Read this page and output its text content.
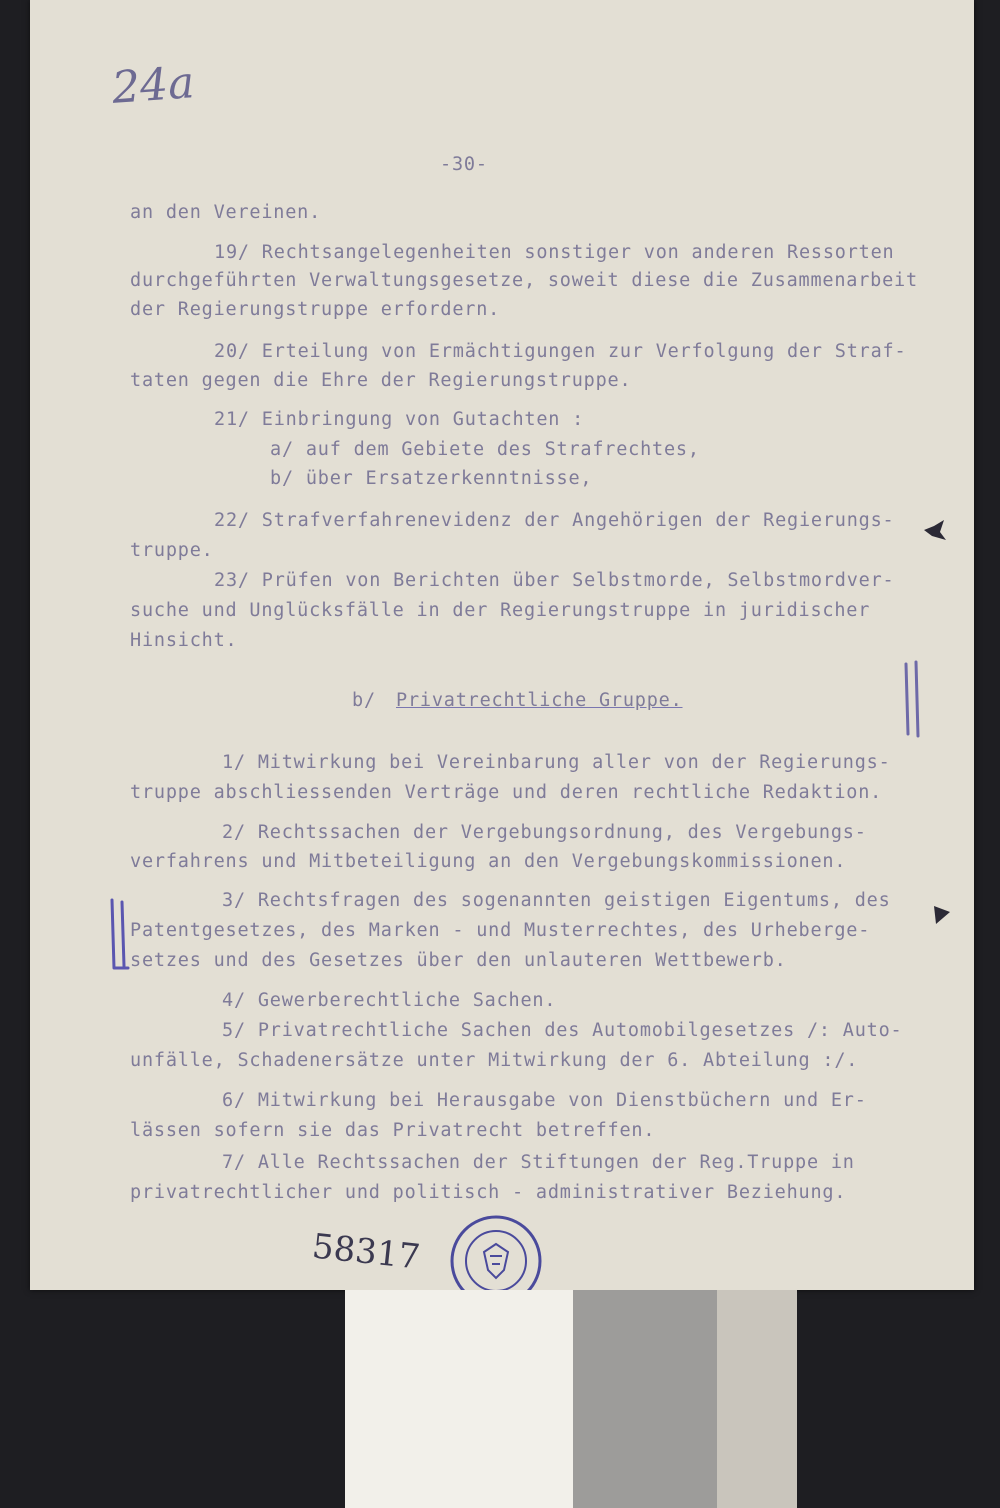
24a
-30-
an den Vereinen.
19/ Rechtsangelegenheiten sonstiger von anderen Ressorten
durchgeführten Verwaltungsgesetze, soweit diese die Zusammenarbeit
der Regierungstruppe erfordern.
20/ Erteilung von Ermächtigungen zur Verfolgung der Straf-
taten gegen die Ehre der Regierungstruppe.
21/ Einbringung von Gutachten :
a/ auf dem Gebiete des Strafrechtes,
b/ über Ersatzerkenntnisse,
22/ Strafverfahrenevidenz der Angehörigen der Regierungs-
truppe.
23/ Prüfen von Berichten über Selbstmorde, Selbstmordver-
suche und Unglücksfälle in der Regierungstruppe in juridischer
Hinsicht.
b/ Privatrechtliche Gruppe.
1/ Mitwirkung bei Vereinbarung aller von der Regierungs-
truppe abschliessenden Verträge und deren rechtliche Redaktion.
2/ Rechtssachen der Vergebungsordnung, des Vergebungs-
verfahrens und Mitbeteiligung an den Vergebungskommissionen.
3/ Rechtsfragen des sogenannten geistigen Eigentums, des
Patentgesetzes, des Marken - und Musterrechtes, des Urheberge-
setzes und des Gesetzes über den unlauteren Wettbewerb.
4/ Gewerberechtliche Sachen.
5/ Privatrechtliche Sachen des Automobilgesetzes /: Auto-
unfälle, Schadenersätze unter Mitwirkung der 6. Abteilung :/.
6/ Mitwirkung bei Herausgabe von Dienstbüchern und Er-
lässen sofern sie das Privatrecht betreffen.
7/ Alle Rechtssachen der Stiftungen der Reg.Truppe in
privatrechtlicher und politisch - administrativer Beziehung.
58317
